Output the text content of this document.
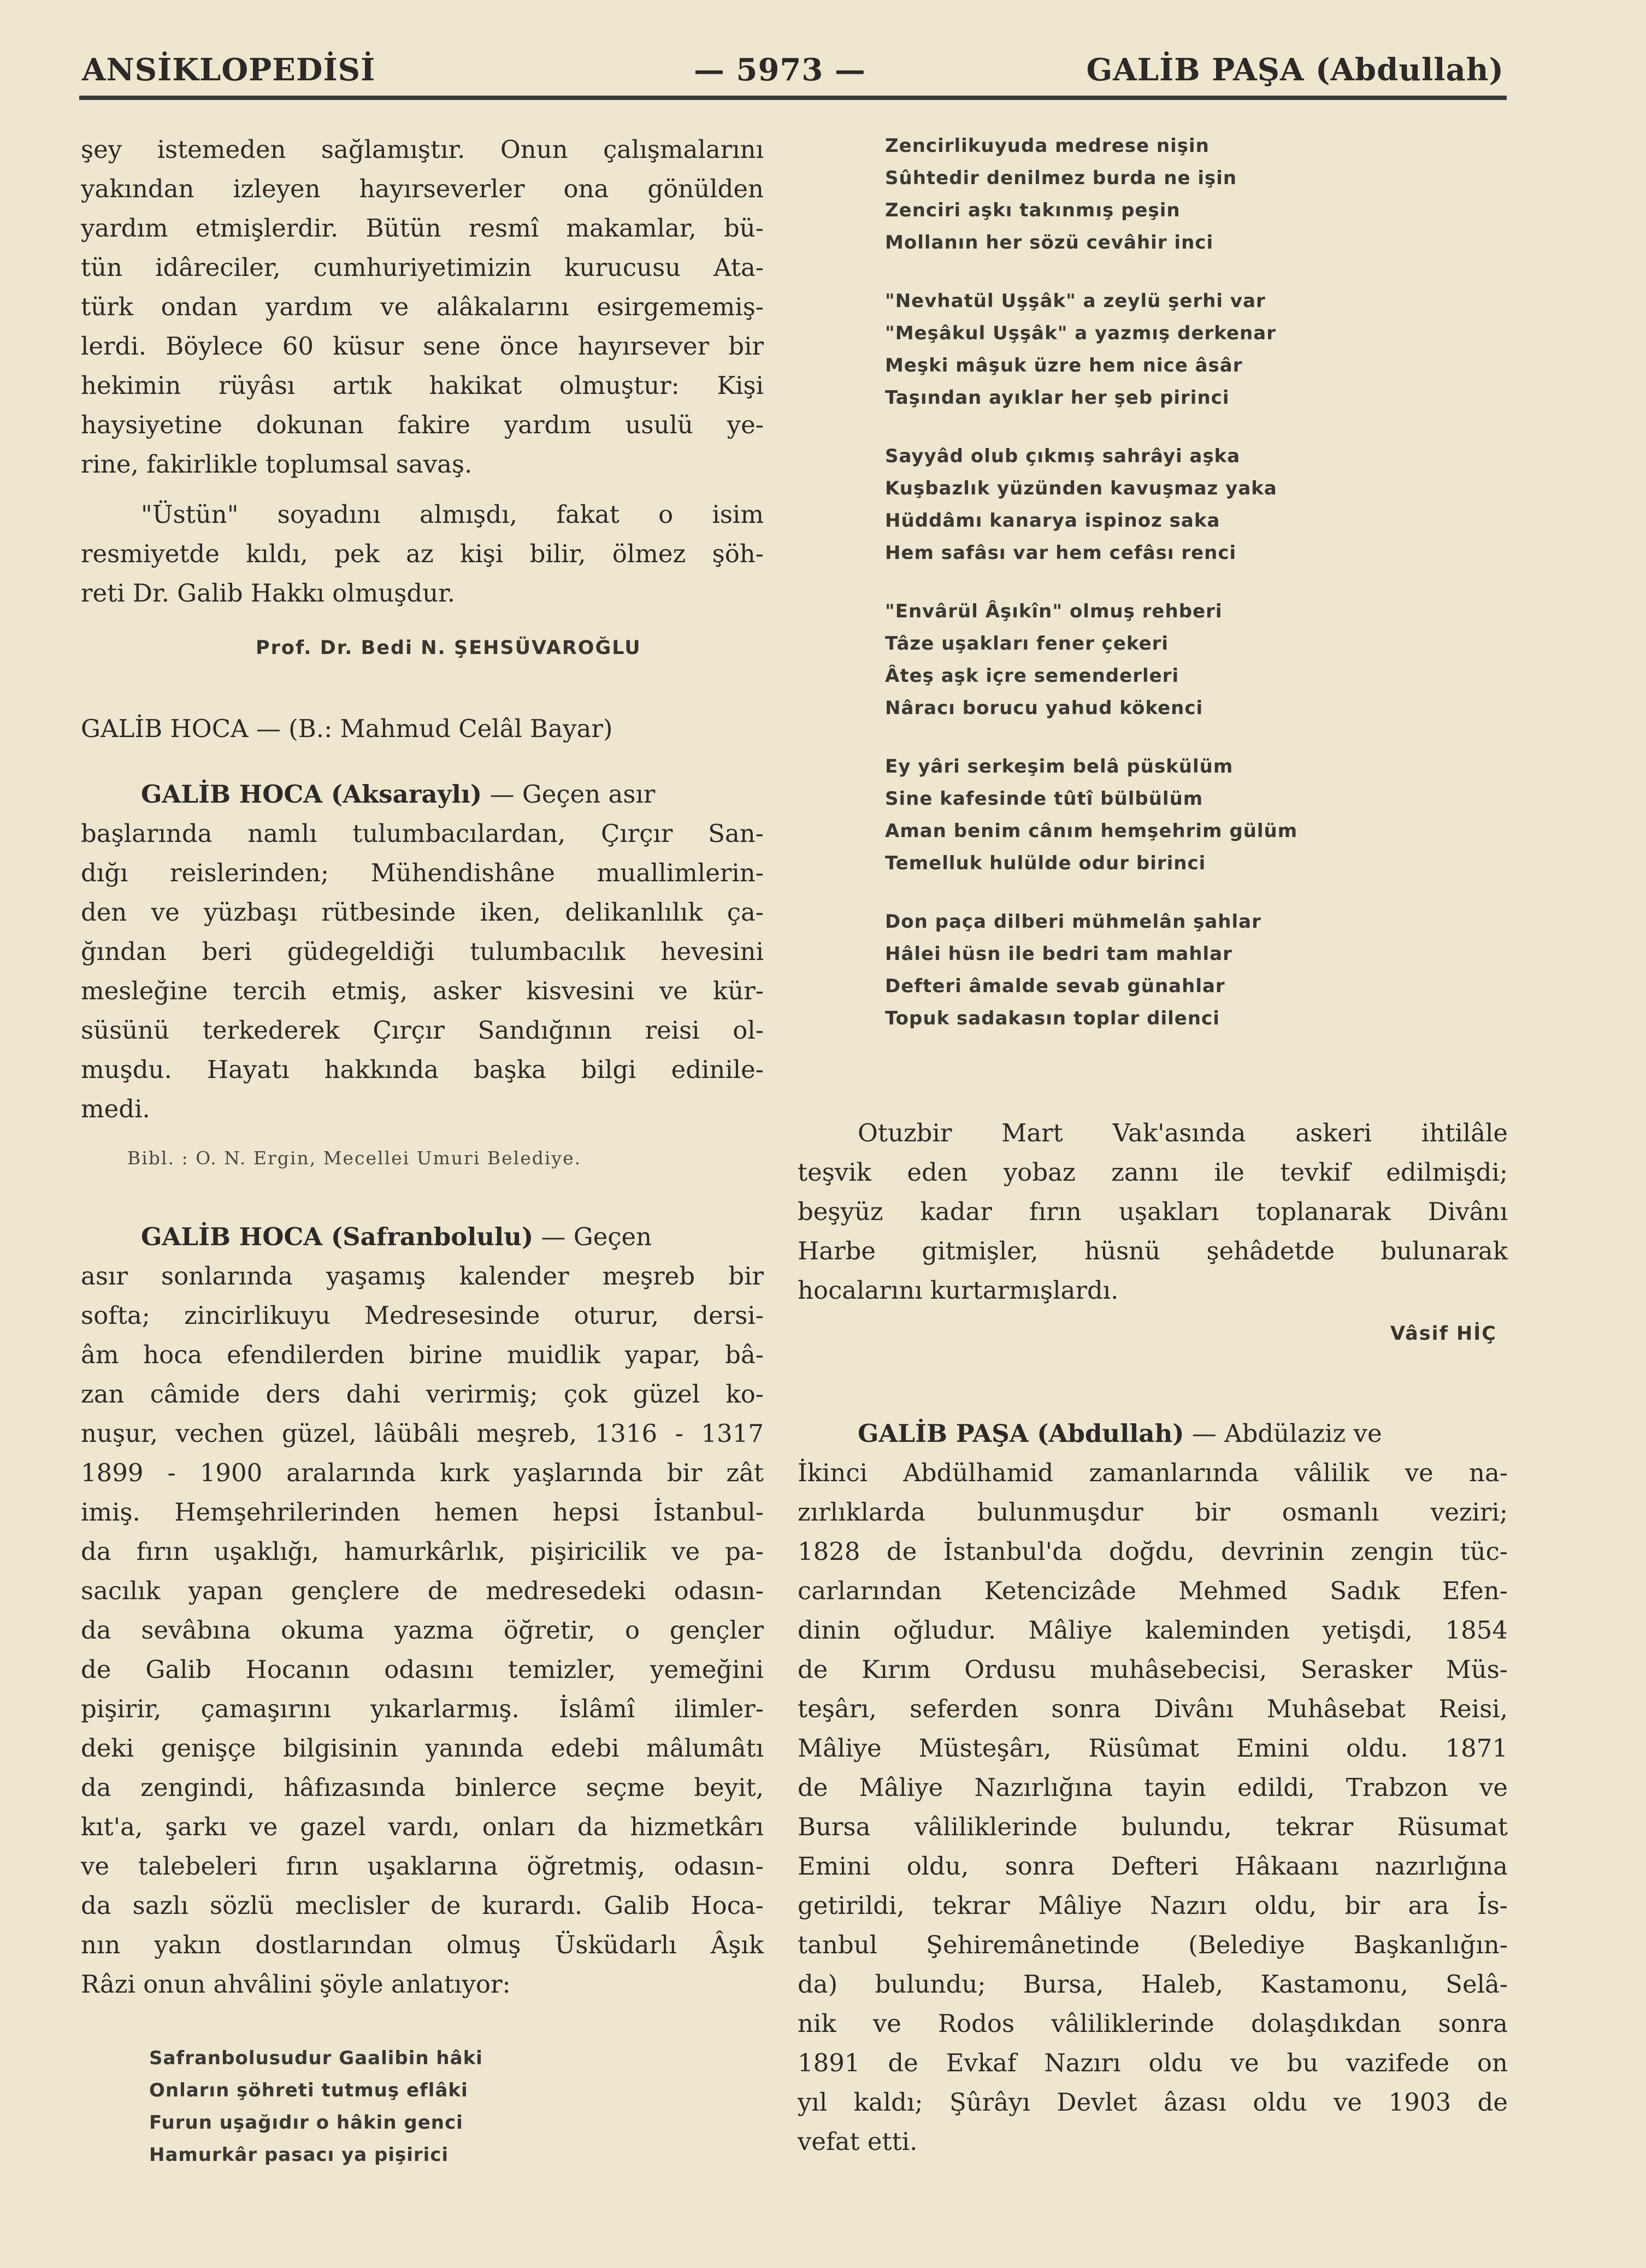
ANSİKLOPEDİSİ	— 5973 —	GALİB PAŞA (Abdullah)
şey istemeden sağlamıştır. Onun çalışmalarını
yakından izleyen hayırseverler ona gönülden
yardım etmişlerdir. Bütün resmî makamlar, bü-
tün idâreciler, cumhuriyetimizin kurucusu Ata-
türk ondan yardım ve alâkalarını esirgememiş-
lerdi. Böylece 60 küsur sene önce hayırsever bir
hekimin rüyâsı artık hakikat olmuştur: Kişi
haysiyetine dokunan fakire yardım usulü ye-
rine, fakirlikle toplumsal savaş.
"Üstün" soyadını almışdı, fakat o isim
resmiyetde kıldı, pek az kişi bilir, ölmez şöh-
reti Dr. Galib Hakkı olmuşdur.

Prof. Dr. Bedi N. ŞEHSÜVAROĞLU

GALİB HOCA — (B.: Mahmud Celâl Bayar)

GALİB HOCA (Aksaraylı) — Geçen asır
başlarında namlı tulumbacılardan, Çırçır San-
dığı reislerinden; Mühendishâne muallimlerin-
den ve yüzbaşı rütbesinde iken, delikanlılık ça-
ğından beri güdegeldiği tulumbacılık hevesini
mesleğine tercih etmiş, asker kisvesini ve kür-
süsünü terkederek Çırçır Sandığının reisi ol-
muşdu. Hayatı hakkında başka bilgi edinile-
medi.

Bibl. : O. N. Ergin, Mecellei Umuri Belediye.

GALİB HOCA (Safranbolulu) — Geçen
asır sonlarında yaşamış kalender meşreb bir
softa; zincirlikuyu Medresesinde oturur, dersi-
âm hoca efendilerden birine muidlik yapar, bâ-
zan câmide ders dahi verirmiş; çok güzel ko-
nuşur, vechen güzel, lâübâli meşreb, 1316 - 1317
1899 - 1900 aralarında kırk yaşlarında bir zât
imiş. Hemşehrilerinden hemen hepsi İstanbul-
da fırın uşaklığı, hamurkârlık, pişiricilik ve pa-
sacılık yapan gençlere de medresedeki odasın-
da sevâbına okuma yazma öğretir, o gençler
de Galib Hocanın odasını temizler, yemeğini
pişirir, çamaşırını yıkarlarmış. İslâmî ilimler-
deki genişçe bilgisinin yanında edebi mâlumâtı
da zengindi, hâfızasında binlerce seçme beyit,
kıt'a, şarkı ve gazel vardı, onları da hizmetkârı
ve talebeleri fırın uşaklarına öğretmiş, odasın-
da sazlı sözlü meclisler de kurardı. Galib Hoca-
nın yakın dostlarından olmuş Üsküdarlı Âşık
Râzi onun ahvâlini şöyle anlatıyor:
Safranbolusudur Gaalibin hâki
Onların şöhreti tutmuş eflâki
Furun uşağıdır o hâkin genci
Hamurkâr pasacı ya pişirici
Zencirlikuyuda medrese nişin
Sûhtedir denilmez burda ne işin
Zenciri aşkı takınmış peşin
Mollanın her sözü cevâhir inci
"Nevhatül Uşşâk" a zeylü şerhi var
"Meşâkul Uşşâk" a yazmış derkenar
Meşki mâşuk üzre hem nice âsâr
Taşından ayıklar her şeb pirinci
Sayyâd olub çıkmış sahrâyi aşka
Kuşbazlık yüzünden kavuşmaz yaka
Hüddâmı kanarya ispinoz saka
Hem safâsı var hem cefâsı renci
"Envârül Âşıkîn" olmuş rehberi
Tâze uşakları fener çekeri
Âteş aşk içre semenderleri
Nâracı borucu yahud kökenci
Ey yâri serkeşim belâ püskülüm
Sine kafesinde tûtî bülbülüm
Aman benim cânım hemşehrim gülüm
Temelluk hulülde odur birinci
Don paça dilberi mühmelân şahlar
Hâlei hüsn ile bedri tam mahlar
Defteri âmalde sevab günahlar
Topuk sadakasın toplar dilenci
Otuzbir Mart Vak'asında askeri ihtilâle
teşvik eden yobaz zannı ile tevkif edilmişdi;
beşyüz kadar fırın uşakları toplanarak Divânı
Harbe gitmişler, hüsnü şehâdetde bulunarak
hocalarını kurtarmışlardı.

Vâsif HİÇ

GALİB PAŞA (Abdullah) — Abdülaziz ve
İkinci Abdülhamid zamanlarında vâlilik ve na-
zırlıklarda bulunmuşdur bir osmanlı veziri;
1828 de İstanbul'da doğdu, devrinin zengin tüc-
carlarından Ketencizâde Mehmed Sadık Efen-
dinin oğludur. Mâliye kaleminden yetişdi, 1854
de Kırım Ordusu muhâsebecisi, Serasker Müs-
teşârı, seferden sonra Divânı Muhâsebat Reisi,
Mâliye Müsteşârı, Rüsûmat Emini oldu. 1871
de Mâliye Nazırlığına tayin edildi, Trabzon ve
Bursa vâliliklerinde bulundu, tekrar Rüsumat
Emini oldu, sonra Defteri Hâkaanı nazırlığına
getirildi, tekrar Mâliye Nazırı oldu, bir ara İs-
tanbul Şehiremânetinde (Belediye Başkanlığın-
da) bulundu; Bursa, Haleb, Kastamonu, Selâ-
nik ve Rodos vâliliklerinde dolaşdıkdan sonra
1891 de Evkaf Nazırı oldu ve bu vazifede on
yıl kaldı; Şûrâyı Devlet âzası oldu ve 1903 de
vefat etti.
